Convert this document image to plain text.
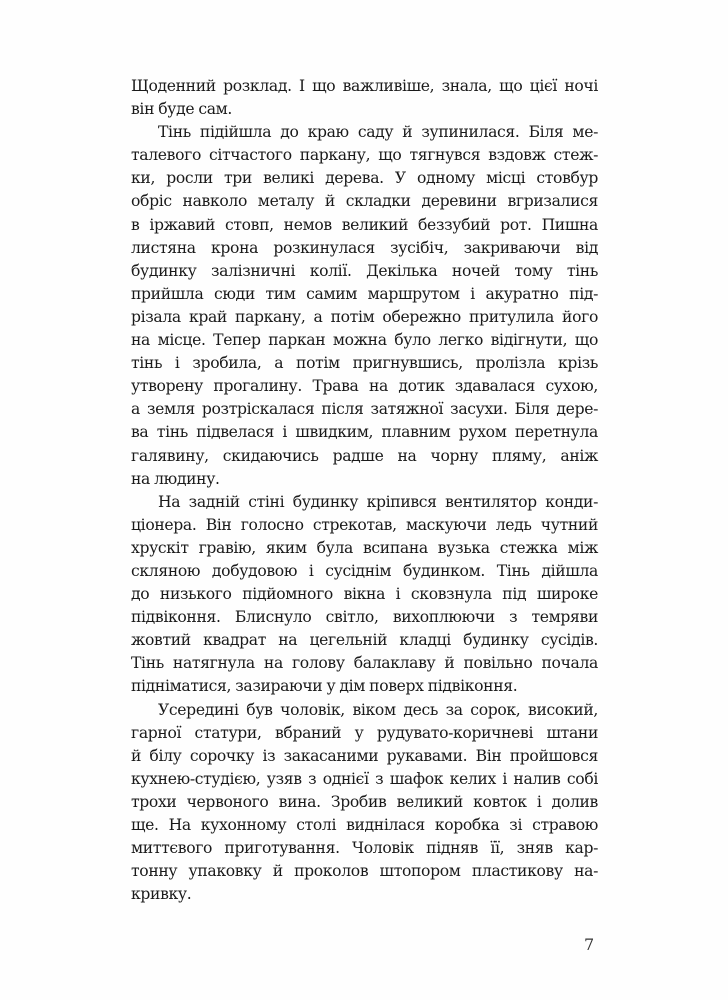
Щоденний розклад. І що важливіше, знала, що цієї ночі
він буде сам.
Тінь підійшла до краю саду й зупинилася. Біля ме-
талевого сітчастого паркану, що тягнувся вздовж стеж-
ки, росли три великі дерева. У одному місці стовбур
обріс навколо металу й складки деревини вгризалися
в іржавий стовп, немов великий беззубий рот. Пишна
листяна крона розкинулася зусібіч, закриваючи від
будинку залізничні колії. Декілька ночей тому тінь
прийшла сюди тим самим маршрутом і акуратно під-
різала край паркану, а потім обережно притулила його
на місце. Тепер паркан можна було легко відігнути, що
тінь і зробила, а потім пригнувшись, пролізла крізь
утворену прогалину. Трава на дотик здавалася сухою,
а земля розтріскалася після затяжної засухи. Біля дере-
ва тінь підвелася і швидким, плавним рухом перетнула
галявину, скидаючись радше на чорну пляму, аніж
на людину.
На задній стіні будинку кріпився вентилятор конди-
ціонера. Він голосно стрекотав, маскуючи ледь чутний
хрускіт гравію, яким була всипана вузька стежка між
скляною добудовою і сусіднім будинком. Тінь дійшла
до низького підйомного вікна і сковзнула під широке
підвіконня. Блиснуло світло, вихоплюючи з темряви
жовтий квадрат на цегельній кладці будинку сусідів.
Тінь натягнула на голову балаклаву й повільно почала
підніматися, зазираючи у дім поверх підвіконня.
Усередині був чоловік, віком десь за сорок, високий,
гарної статури, вбраний у рудувато-коричневі штани
й білу сорочку із закасаними рукавами. Він пройшовся
кухнею-студією, узяв з однієї з шафок келих і налив собі
трохи червоного вина. Зробив великий ковток і долив
ще. На кухонному столі виднілася коробка зі стравою
миттєвого приготування. Чоловік підняв її, зняв кар-
тонну упаковку й проколов штопором пластикову на-
кривку.
7
